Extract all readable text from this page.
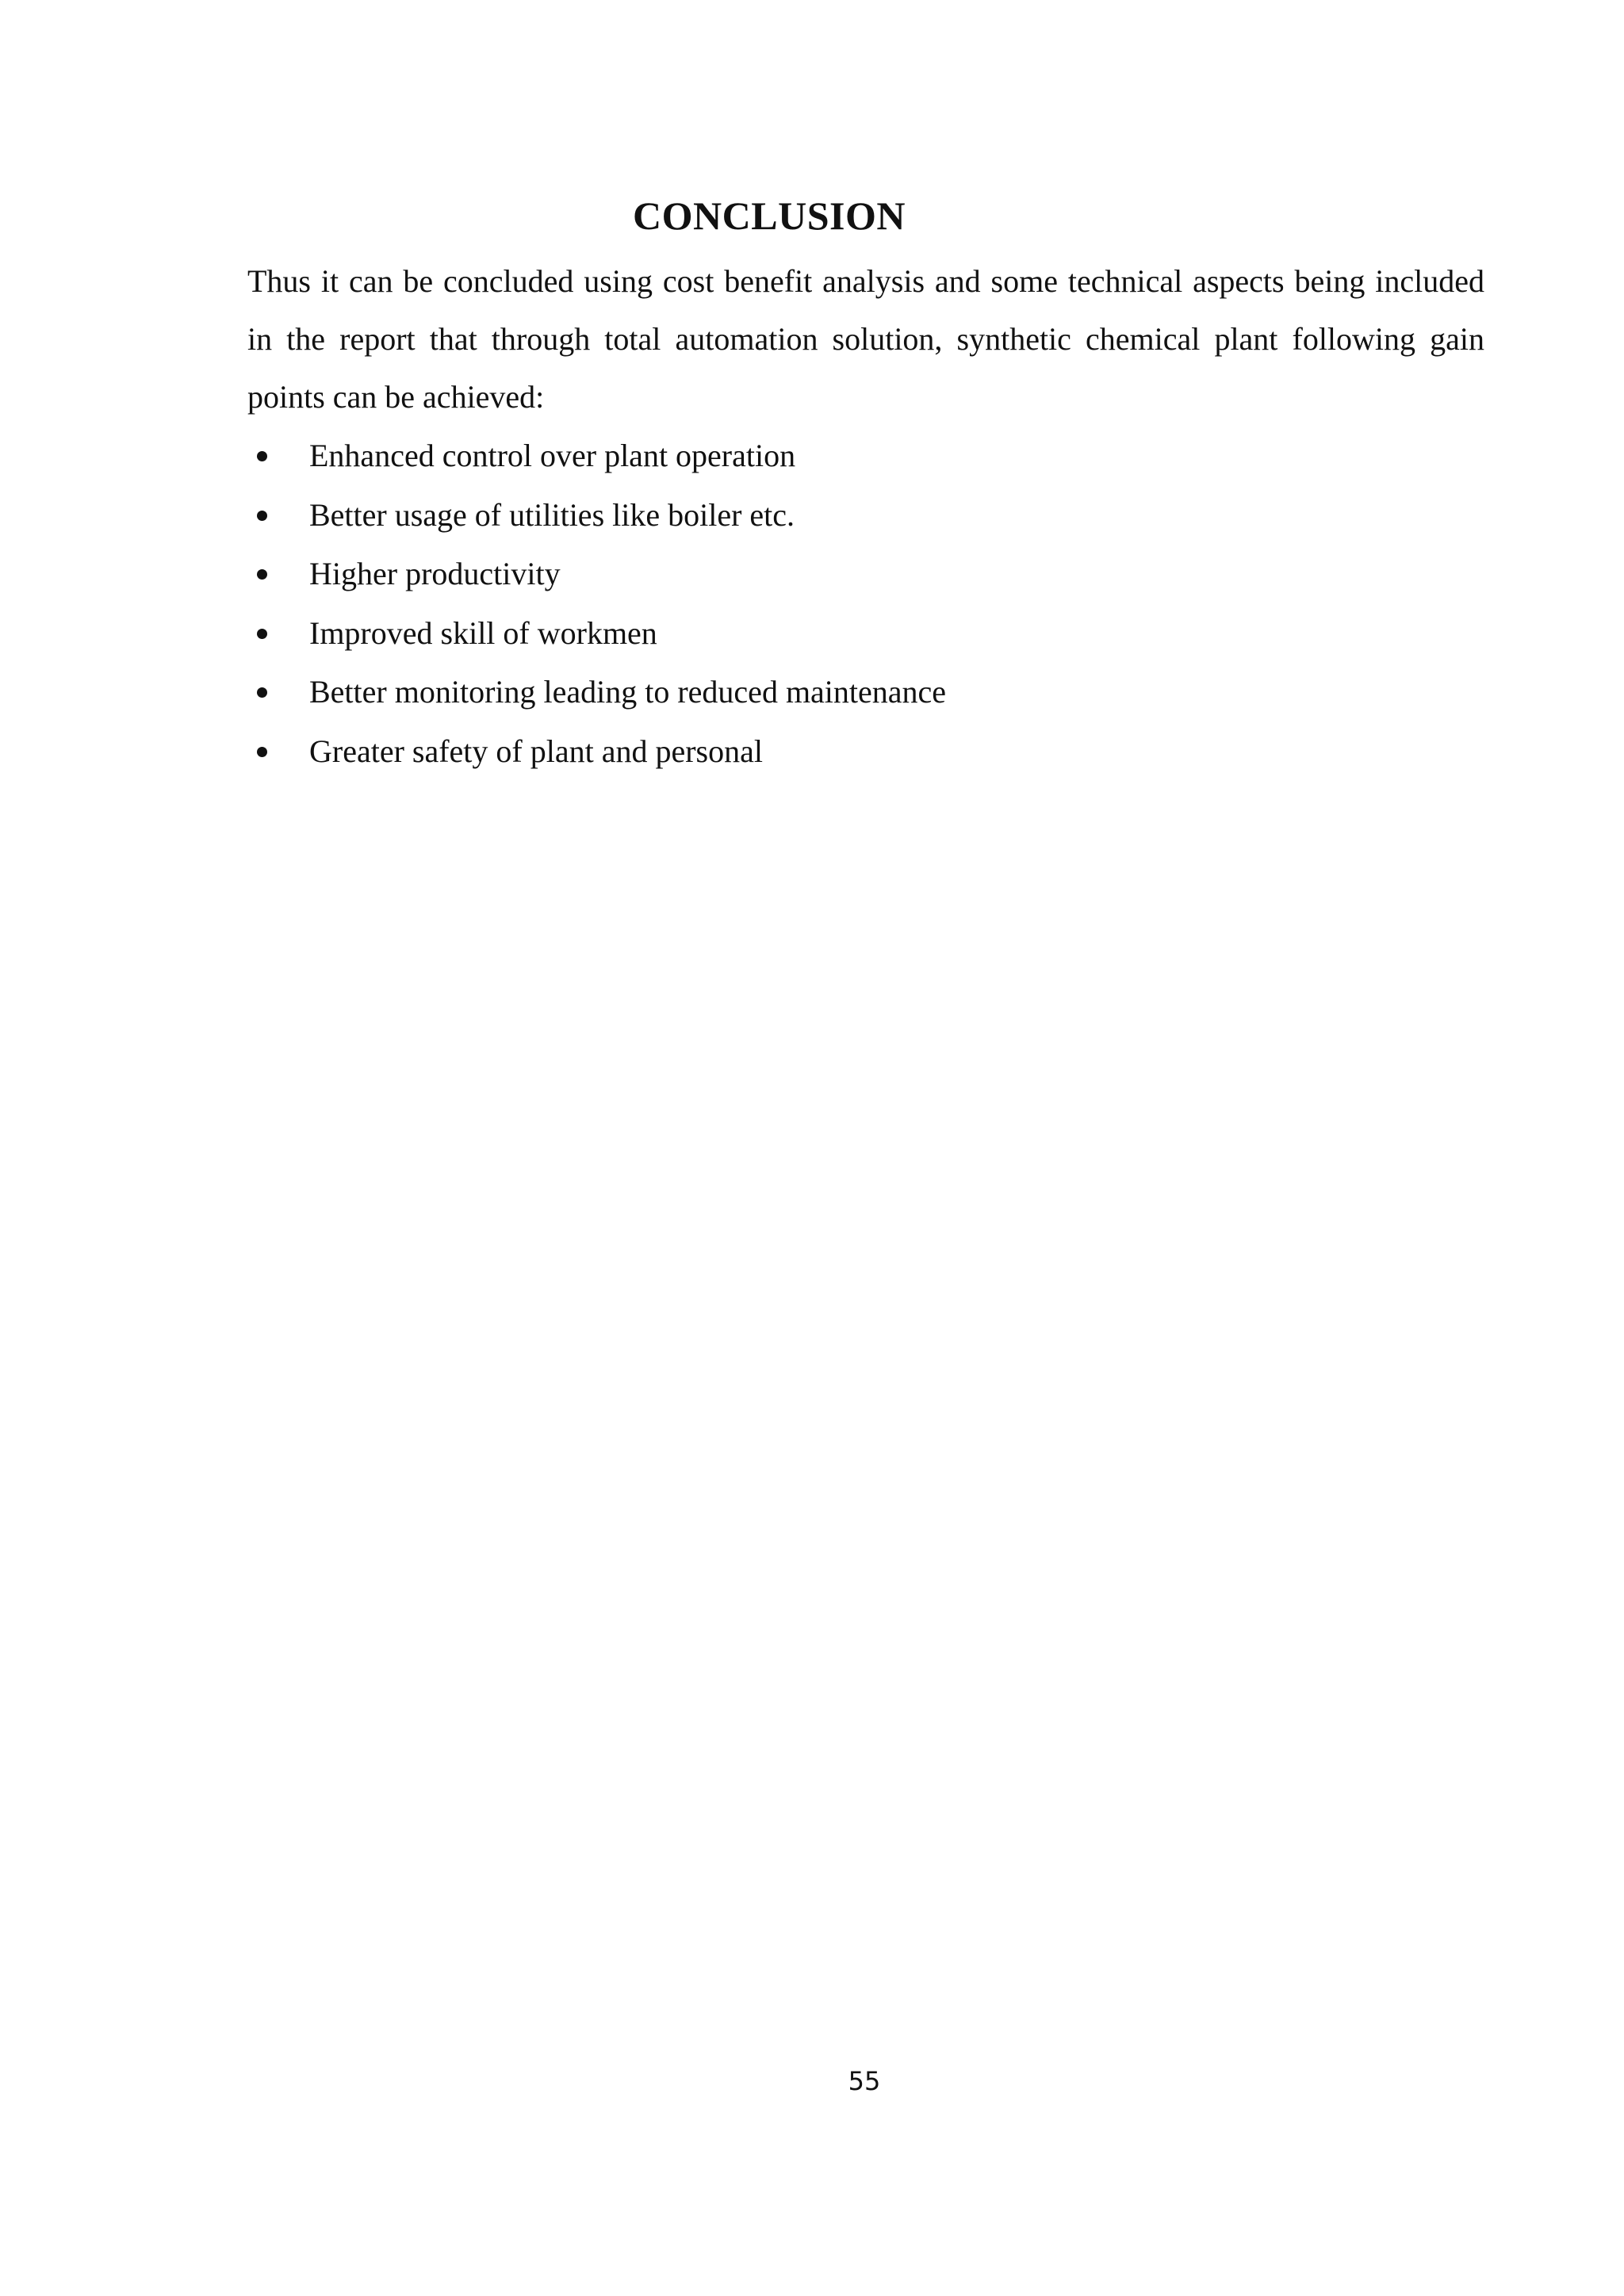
CONCLUSION
Thus it can be concluded using cost benefit analysis and some technical aspects being included in the report that through total automation solution, synthetic chemical plant following gain points can be achieved:
Enhanced control over plant operation
Better usage of utilities like boiler etc.
Higher productivity
Improved skill of workmen
Better monitoring leading to reduced maintenance
Greater safety of plant and personal
55
